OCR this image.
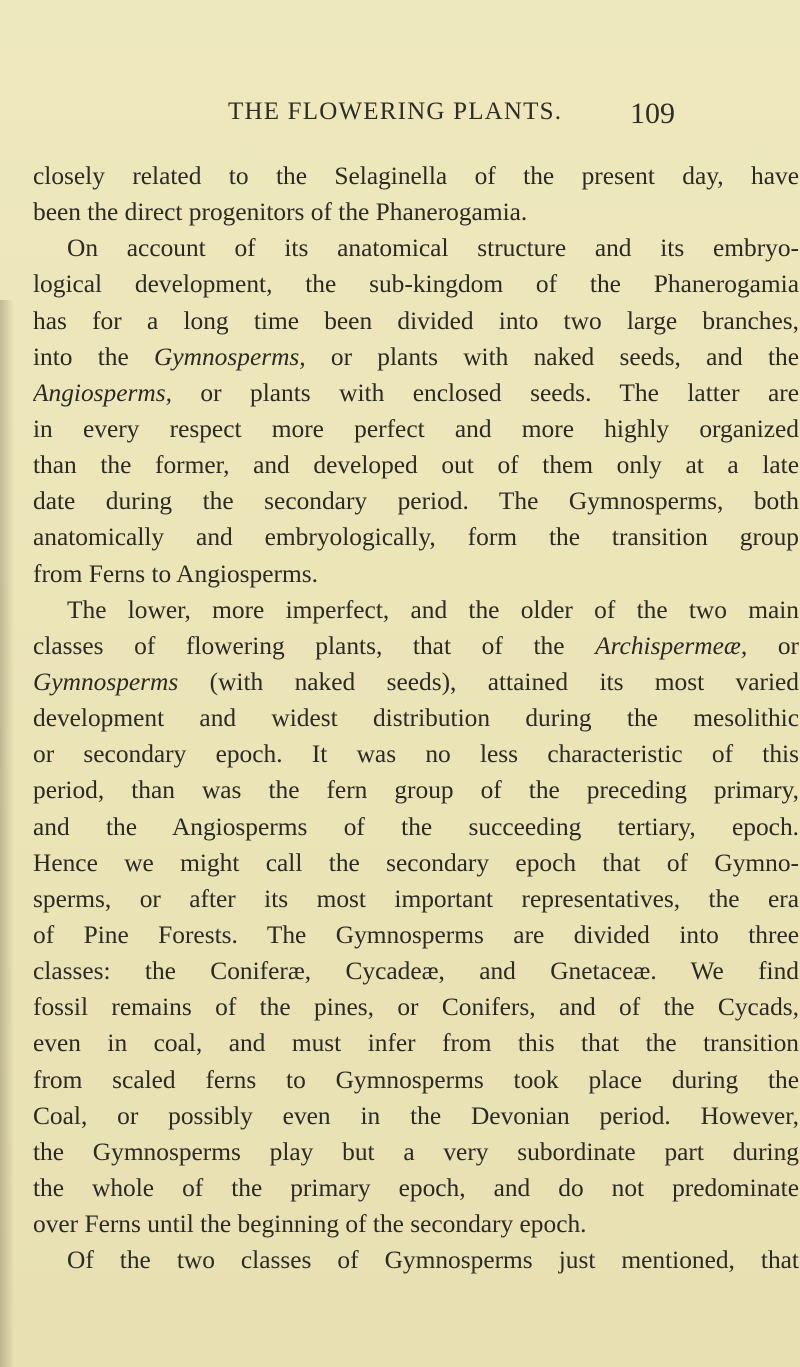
THE FLOWERING PLANTS. 109
closely related to the Selaginella of the present day, have
been the direct progenitors of the Phanerogamia.
On account of its anatomical structure and its embryo-
logical development, the sub-kingdom of the Phanerogamia
has for a long time been divided into two large branches,
into the Gymnosperms, or plants with naked seeds, and the
Angiosperms, or plants with enclosed seeds. The latter are
in every respect more perfect and more highly organized
than the former, and developed out of them only at a late
date during the secondary period. The Gymnosperms, both
anatomically and embryologically, form the transition group
from Ferns to Angiosperms.
The lower, more imperfect, and the older of the two main
classes of flowering plants, that of the Archispermeæ, or
Gymnosperms (with naked seeds), attained its most varied
development and widest distribution during the mesolithic
or secondary epoch. It was no less characteristic of this
period, than was the fern group of the preceding primary,
and the Angiosperms of the succeeding tertiary, epoch.
Hence we might call the secondary epoch that of Gymno-
sperms, or after its most important representatives, the era
of Pine Forests. The Gymnosperms are divided into three
classes: the Coniferæ, Cycadeæ, and Gnetaceæ. We find
fossil remains of the pines, or Conifers, and of the Cycads,
even in coal, and must infer from this that the transition
from scaled ferns to Gymnosperms took place during the
Coal, or possibly even in the Devonian period. However,
the Gymnosperms play but a very subordinate part during
the whole of the primary epoch, and do not predominate
over Ferns until the beginning of the secondary epoch.
Of the two classes of Gymnosperms just mentioned, that
